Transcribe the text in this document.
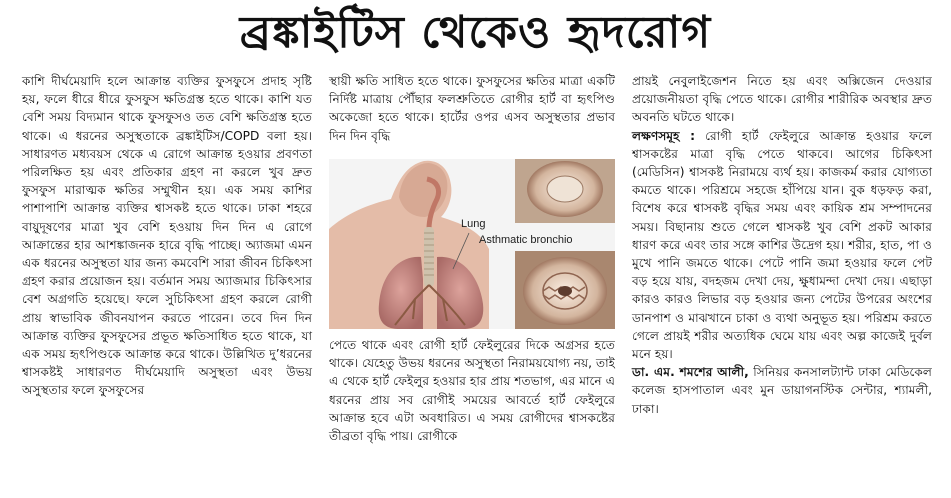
ব্রঙ্কাইটিস থেকেও হৃদরোগ

কাশি দীর্ঘমেয়াদি হলে আক্রান্ত ব্যক্তির ফুসফুসে প্রদাহ সৃষ্টি হয়, ফলে ধীরে ধীরে ফুসফুস ক্ষতিগ্রস্ত হতে থাকে। কাশি যত বেশি সময় বিদ্যমান থাকে ফুসফুসও তত বেশি ক্ষতিগ্রস্ত হতে থাকে। এ ধরনের অসুস্থতাকে ব্রঙ্কাইটিস/COPD বলা হয়। সাধারণত মধ্যবয়স থেকে এ রোগে আক্রান্ত হওয়ার প্রবণতা পরিলক্ষিত হয় এবং প্রতিকার গ্রহণ না করলে খুব দ্রুত ফুসফুস মারাত্মক ক্ষতির সম্মুখীন হয়। এক সময় কাশির পাশাপাশি আক্রান্ত ব্যক্তির শ্বাসকষ্ট হতে থাকে। ঢাকা শহরে বায়ুদূষণের মাত্রা খুব বেশি হওয়ায় দিন দিন এ রোগে আক্রান্তের হার আশঙ্কাজনক হারে বৃদ্ধি পাচ্ছে। অ্যাজমা এমন এক ধরনের অসুস্থতা যার জন্য কমবেশি সারা জীবন চিকিৎসা গ্রহণ করার প্রয়োজন হয়। বর্তমান সময় অ্যাজমার চিকিৎসার বেশ অগ্রগতি হয়েছে। ফলে সুচিকিৎসা গ্রহণ করলে রোগী প্রায় স্বাভাবিক জীবনযাপন করতে পারেন। তবে দিন দিন আক্রান্ত ব্যক্তির ফুসফুসের প্রভূত ক্ষতিসাধিত হতে থাকে, যা এক সময় হৃৎপিণ্ডকে আক্রান্ত করে থাকে। উল্লিখিত দু’ধরনের শ্বাসকষ্টই সাধারণত দীর্ঘমেয়াদি অসুস্থতা এবং উভয় অসুস্থতার ফলে ফুসফুসের

স্থায়ী ক্ষতি সাধিত হতে থাকে। ফুসফুসের ক্ষতির মাত্রা একটি নির্দিষ্ট মাত্রায় পৌঁছার ফলশ্রুতিতে রোগীর হার্ট বা হৃৎপিণ্ড অকেজো হতে থাকে। হার্টের ওপর এসব অসুস্থতার প্রভাব দিন দিন বৃদ্ধি

Lung
Asthmatic bronchio

পেতে থাকে এবং রোগী হার্ট ফেইলুরের দিকে অগ্রসর হতে থাকে। যেহেতু উভয় ধরনের অসুস্থতা নিরাময়যোগ্য নয়, তাই এ থেকে হার্ট ফেইলুর হওয়ার হার প্রায় শতভাগ, এর মানে এ ধরনের প্রায় সব রোগীই সময়ের আবর্তে হার্ট ফেইলুরে আক্রান্ত হবে এটা অবধারিত। এ সময় রোগীদের শ্বাসকষ্টের তীব্রতা বৃদ্ধি পায়। রোগীকে

প্রায়ই নেবুলাইজেশন নিতে হয় এবং অক্সিজেন দেওয়ার প্রয়োজনীয়তা বৃদ্ধি পেতে থাকে। রোগীর শারীরিক অবস্থার দ্রুত অবনতি ঘটতে থাকে।

লক্ষণসমূহ : রোগী হার্ট ফেইলুরে আক্রান্ত হওয়ার ফলে শ্বাসকষ্টের মাত্রা বৃদ্ধি পেতে থাকবে। আগের চিকিৎসা (মেডিসিন) শ্বাসকষ্ট নিরাময়ে ব্যর্থ হয়। কাজকর্ম করার যোগ্যতা কমতে থাকে। পরিশ্রমে সহজে হাঁপিয়ে যান। বুক ধড়ফড় করা, বিশেষ করে শ্বাসকষ্ট বৃদ্ধির সময় এবং কায়িক শ্রম সম্পাদনের সময়। বিছানায় শুতে গেলে শ্বাসকষ্ট খুব বেশি প্রকট আকার ধারণ করে এবং তার সঙ্গে কাশির উদ্রেগ হয়। শরীর, হাত, পা ও মুখে পানি জমতে থাকে। পেটে পানি জমা হওয়ার ফলে পেট বড় হয়ে যায়, বদহজম দেখা দেয়, ক্ষুধামন্দা দেখা দেয়। এছাড়া কারও কারও লিভার বড় হওয়ার জন্য পেটের উপরের অংশের ডানপাশ ও মাঝখানে চাকা ও ব্যথা অনুভূত হয়। পরিশ্রম করতে গেলে প্রায়ই শরীর অত্যধিক ঘেমে যায় এবং অল্প কাজেই দুর্বল মনে হয়।

ডা. এম. শমশের আলী, সিনিয়র কনসালট্যান্ট ঢাকা মেডিকেল কলেজ হাসপাতাল এবং মুন ডায়াগনস্টিক সেন্টার, শ্যামলী, ঢাকা।
